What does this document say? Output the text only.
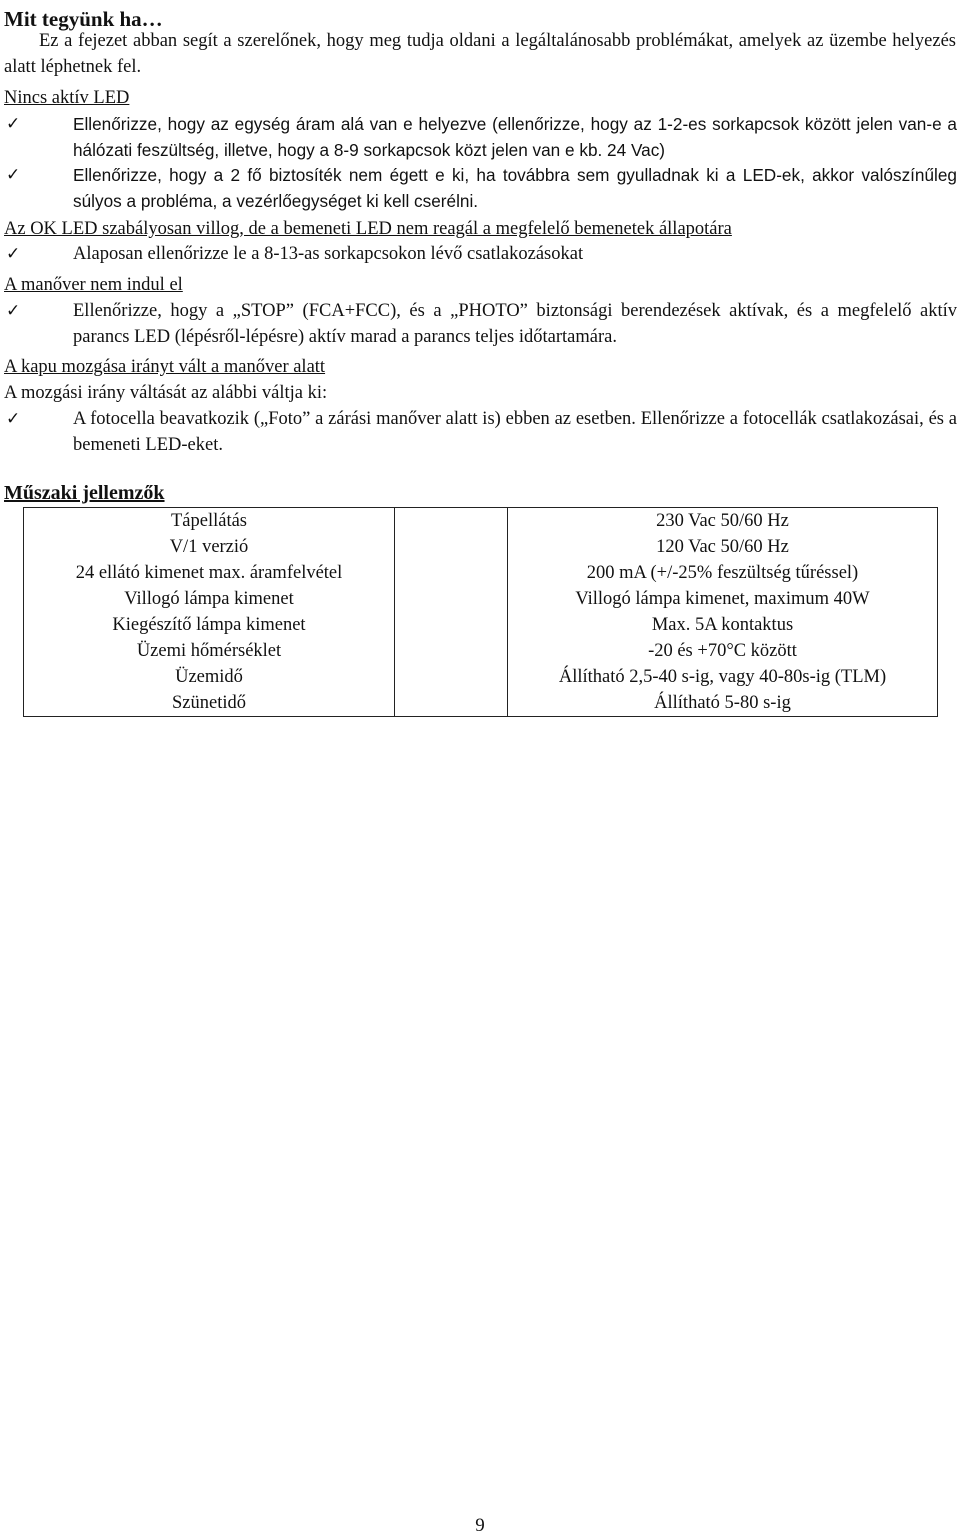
Mit tegyünk ha…
Ez a fejezet abban segít a szerelőnek, hogy meg tudja oldani a legáltalánosabb problémákat, amelyek az üzembe helyezés alatt léphetnek fel.
Nincs aktív LED
✓	Ellenőrizze, hogy az egység áram alá van e helyezve (ellenőrizze, hogy az 1-2-es sorkapcsok között jelen van-e a hálózati feszültség, illetve, hogy a 8-9 sorkapcsok közt jelen van e kb. 24 Vac)
✓	Ellenőrizze, hogy a 2 fő biztosíték nem égett e ki, ha továbbra sem gyulladnak ki a LED-ek, akkor valószínűleg súlyos a probléma, a vezérlőegységet ki kell cserélni.
Az OK LED szabályosan villog, de a bemeneti LED nem reagál a megfelelő bemenetek állapotára
✓	Alaposan ellenőrizze le a 8-13-as sorkapcsokon lévő csatlakozásokat
A manőver nem indul el
✓	Ellenőrizze, hogy a „STOP” (FCA+FCC), és a „PHOTO” biztonsági berendezések aktívak, és a megfelelő aktív parancs LED (lépésről-lépésre) aktív marad a parancs teljes időtartamára.
A kapu mozgása irányt vált a manőver alatt
A mozgási irány váltását az alábbi váltja ki:
✓	A fotocella beavatkozik („Foto” a zárási manőver alatt is) ebben az esetben. Ellenőrizze a fotocellák csatlakozásai, és a bemeneti LED-eket.
Műszaki jellemzők
Tápellátás		230 Vac 50/60 Hz
V/1 verzió		120 Vac 50/60 Hz
24 ellátó kimenet max. áramfelvétel		200 mA (+/-25% feszültség tűréssel)
Villogó lámpa kimenet		Villogó lámpa kimenet, maximum 40W
Kiegészítő lámpa kimenet		Max. 5A kontaktus
Üzemi hőmérséklet		-20 és +70°C között
Üzemidő		Állítható 2,5-40 s-ig, vagy 40-80s-ig (TLM)
Szünetidő		Állítható 5-80 s-ig
9
